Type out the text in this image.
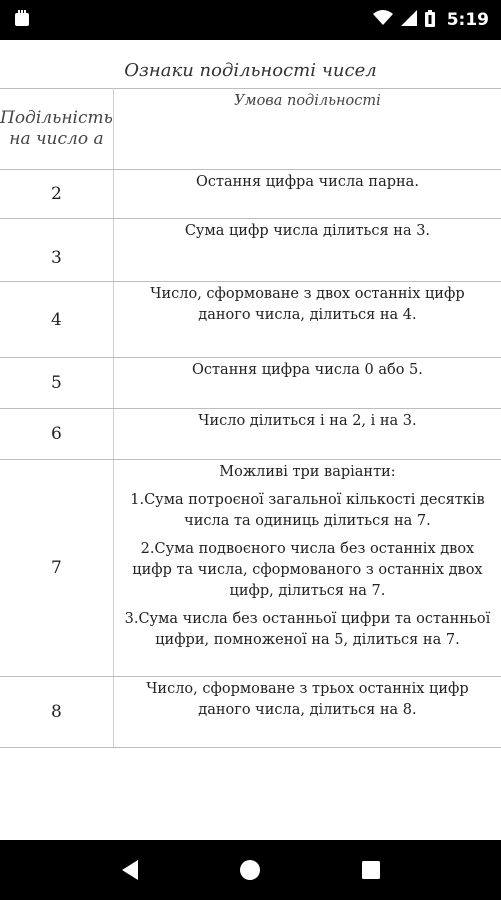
5:19
Ознаки подільності чисел
Подільність на число a	Умова подільності
2	Остання цифра числа парна.

3	Сума цифр числа ділиться на 3.

4	Число, сформоване з двох останніх цифр даного числа, ділиться на 4.

5	Остання цифра числа 0 або 5.

6	Число ділиться і на 2, і на 3.

7	Можливі три варіанти:

1.Сума потроєної загальної кількості десятків числа та одиниць ділиться на 7.

2.Сума подвоєного числа без останніх двох цифр та числа, сформованого з останніх двох цифр, ділиться на 7.

3.Сума числа без останньої цифри та останньої цифри, помноженої на 5, ділиться на 7.

8	Число, сформоване з трьох останніх цифр даного числа, ділиться на 8.
